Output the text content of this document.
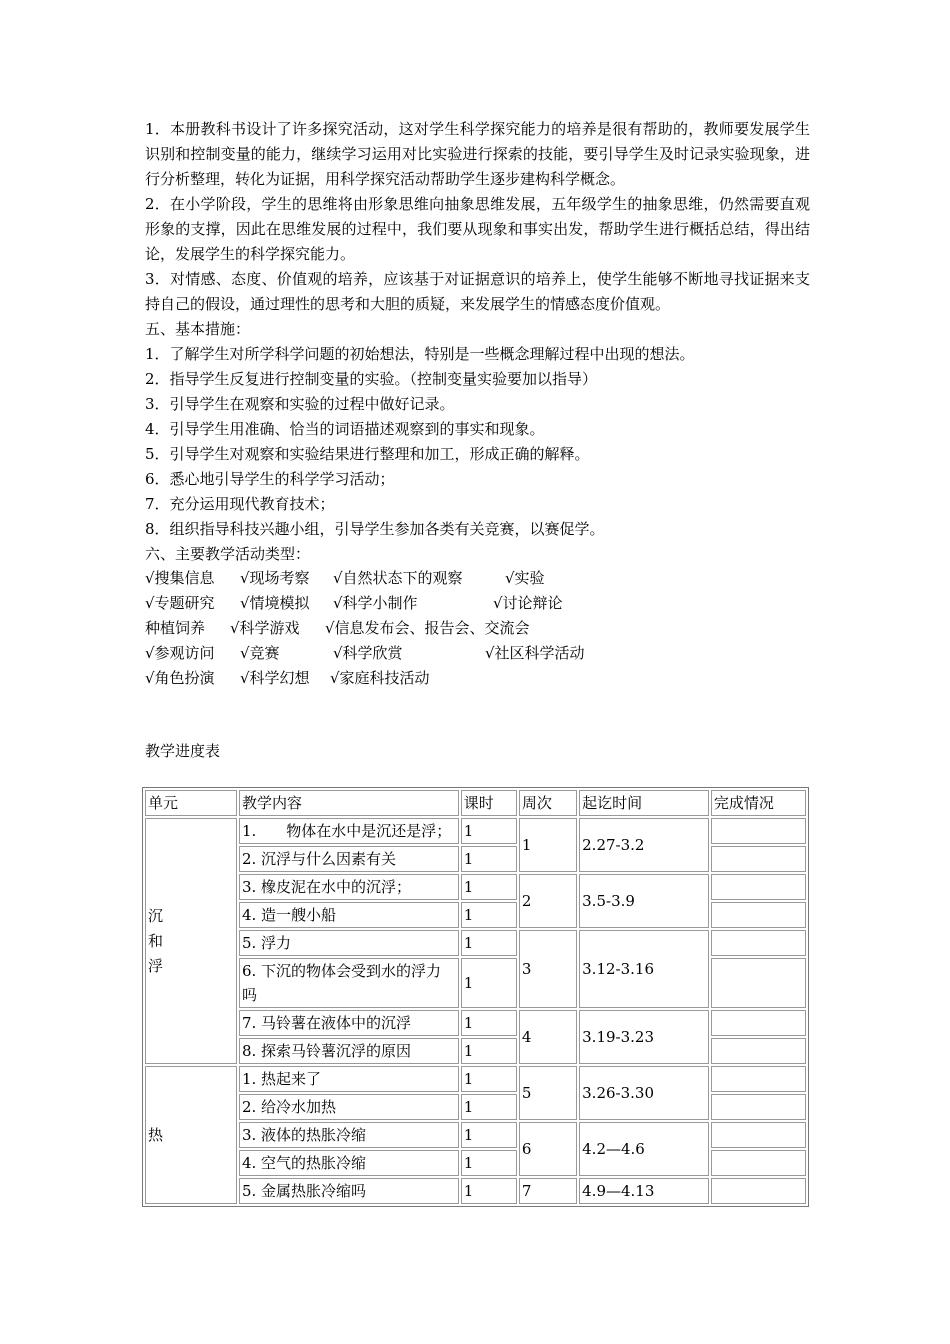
1．本册教科书设计了许多探究活动，这对学生科学探究能力的培养是很有帮助的，教师要发展学生识别和控制变量的能力，继续学习运用对比实验进行探索的技能，要引导学生及时记录实验现象，进行分析整理，转化为证据，用科学探究活动帮助学生逐步建构科学概念。

2．在小学阶段，学生的思维将由形象思维向抽象思维发展，五年级学生的抽象思维，仍然需要直观形象的支撑，因此在思维发展的过程中，我们要从现象和事实出发，帮助学生进行概括总结，得出结论，发展学生的科学探究能力。

3．对情感、态度、价值观的培养，应该基于对证据意识的培养上，使学生能够不断地寻找证据来支持自己的假设，通过理性的思考和大胆的质疑，来发展学生的情感态度价值观。

五、基本措施：

1．了解学生对所学科学问题的初始想法，特别是一些概念理解过程中出现的想法。

2．指导学生反复进行控制变量的实验。（控制变量实验要加以指导）

3．引导学生在观察和实验的过程中做好记录。

4．引导学生用准确、恰当的词语描述观察到的事实和现象。

5．引导学生对观察和实验结果进行整理和加工，形成正确的解释。

6．悉心地引导学生的科学学习活动；

7．充分运用现代教育技术；

8．组织指导科技兴趣小组，引导学生参加各类有关竞赛，以赛促学。

六、主要教学活动类型：

√搜集信息 √现场考察 √自然状态下的观察	√实验
√专题研究 √情境模拟 √科学小制作	√讨论辩论
种植饲养 √科学游戏 √信息发布会、报告会、交流会
√参观访问 √竞赛	√科学欣赏	√社区科学活动
√角色扮演 √科学幻想 √家庭科技活动
教学进度表
单元	教学内容	课时	周次	起讫时间	完成情况

沉
和
浮	1.　　物体在水中是沉还是浮；	1	1	2.27-3.2	
	2. 沉浮与什么因素有关	1			
	3. 橡皮泥在水中的沉浮；	1	2	3.5-3.9	
	4. 造一艘小船	1			
	5. 浮力	1	3	3.12-3.16	
	6. 下沉的物体会受到水的浮力吗	1			
	7. 马铃薯在液体中的沉浮	1	4	3.19-3.23	
	8. 探索马铃薯沉浮的原因	1			

热	1. 热起来了	1	5	3.26-3.30	
	2. 给冷水加热	1			
	3. 液体的热胀冷缩	1	6	4.2—4.6	
	4. 空气的热胀冷缩	1			
	5. 金属热胀冷缩吗	1	7	4.9—4.13	
